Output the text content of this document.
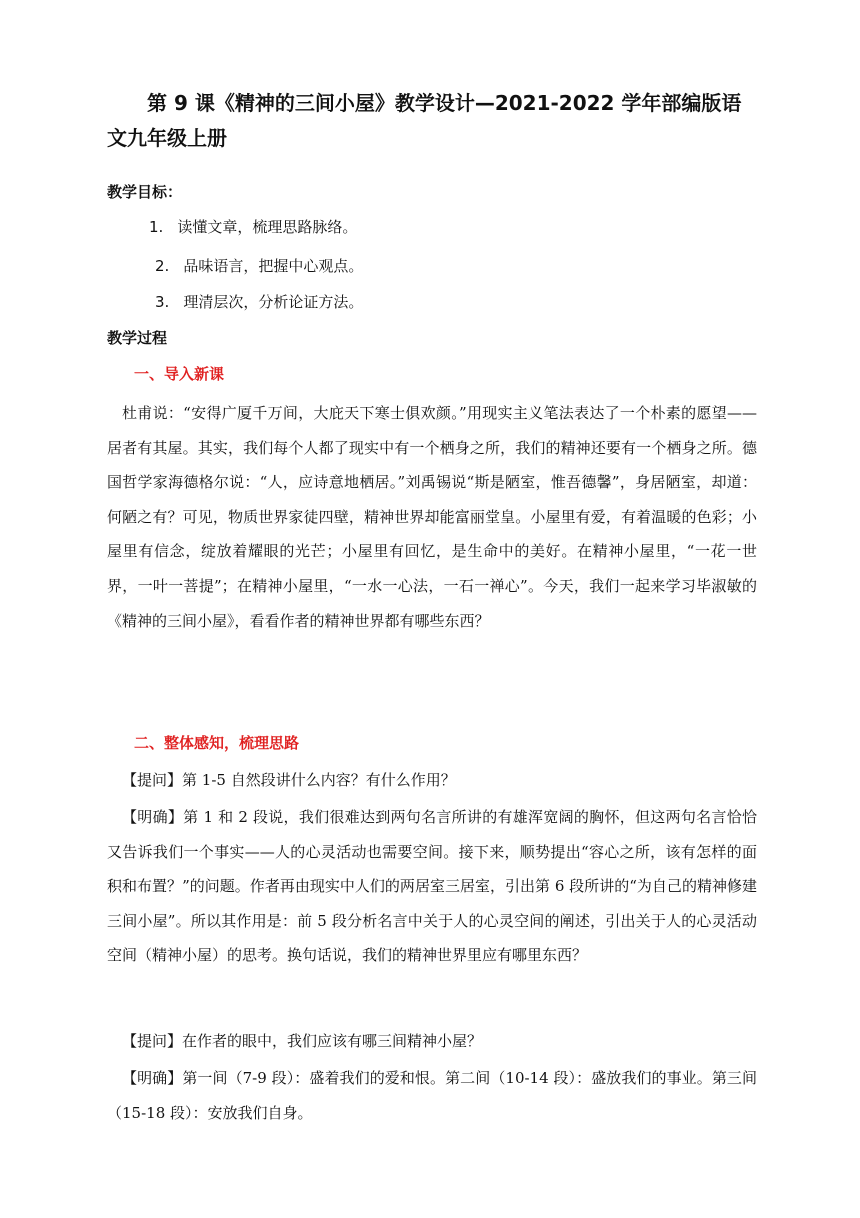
第 9 课《精神的三间小屋》教学设计—2021-2022 学年部编版语文九年级上册

教学目标：

1. 读懂文章，梳理思路脉络。

2. 品味语言，把握中心观点。

3. 理清层次，分析论证方法。

教学过程

一、导入新课

杜甫说：“安得广厦千万间，大庇天下寒士俱欢颜。”用现实主义笔法表达了一个朴素的愿望——居者有其屋。其实，我们每个人都了现实中有一个栖身之所，我们的精神还要有一个栖身之所。德国哲学家海德格尔说：“人，应诗意地栖居。”刘禹锡说“斯是陋室，惟吾德馨”，身居陋室，却道：何陋之有？可见，物质世界家徒四壁，精神世界却能富丽堂皇。小屋里有爱，有着温暖的色彩；小屋里有信念，绽放着耀眼的光芒；小屋里有回忆，是生命中的美好。在精神小屋里，“一花一世界，一叶一菩提”；在精神小屋里，“一水一心法，一石一禅心”。今天，我们一起来学习毕淑敏的《精神的三间小屋》，看看作者的精神世界都有哪些东西？

二、整体感知，梳理思路

【提问】第 1-5 自然段讲什么内容？有什么作用？

【明确】第 1 和 2 段说，我们很难达到两句名言所讲的有雄浑宽阔的胸怀，但这两句名言恰恰又告诉我们一个事实——人的心灵活动也需要空间。接下来，顺势提出“容心之所，该有怎样的面积和布置？”的问题。作者再由现实中人们的两居室三居室，引出第 6 段所讲的“为自己的精神修建三间小屋”。所以其作用是：前 5 段分析名言中关于人的心灵空间的阐述，引出关于人的心灵活动空间（精神小屋）的思考。换句话说，我们的精神世界里应有哪里东西？

【提问】在作者的眼中，我们应该有哪三间精神小屋？

【明确】第一间（7-9 段）：盛着我们的爱和恨。第二间（10-14 段）：盛放我们的事业。第三间（15-18 段）：安放我们自身。
